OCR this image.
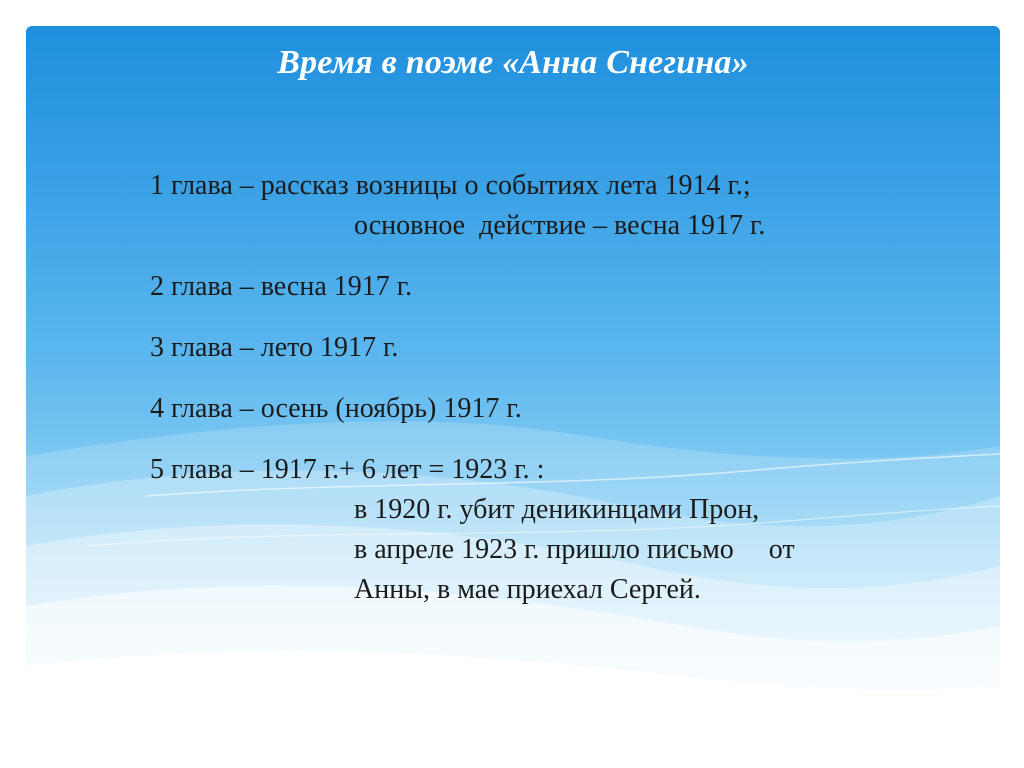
Время в поэме «Анна Снегина»
1 глава – рассказ возницы о событиях лета 1914 г.;
основное  действие – весна 1917 г.
2 глава – весна 1917 г.
3 глава – лето 1917 г.
4 глава – осень (ноябрь) 1917 г.
5 глава – 1917 г.+ 6 лет = 1923 г. :
в 1920 г. убит деникинцами Прон,
в апреле 1923 г. пришло письмо     от
Анны, в мае приехал Сергей.
